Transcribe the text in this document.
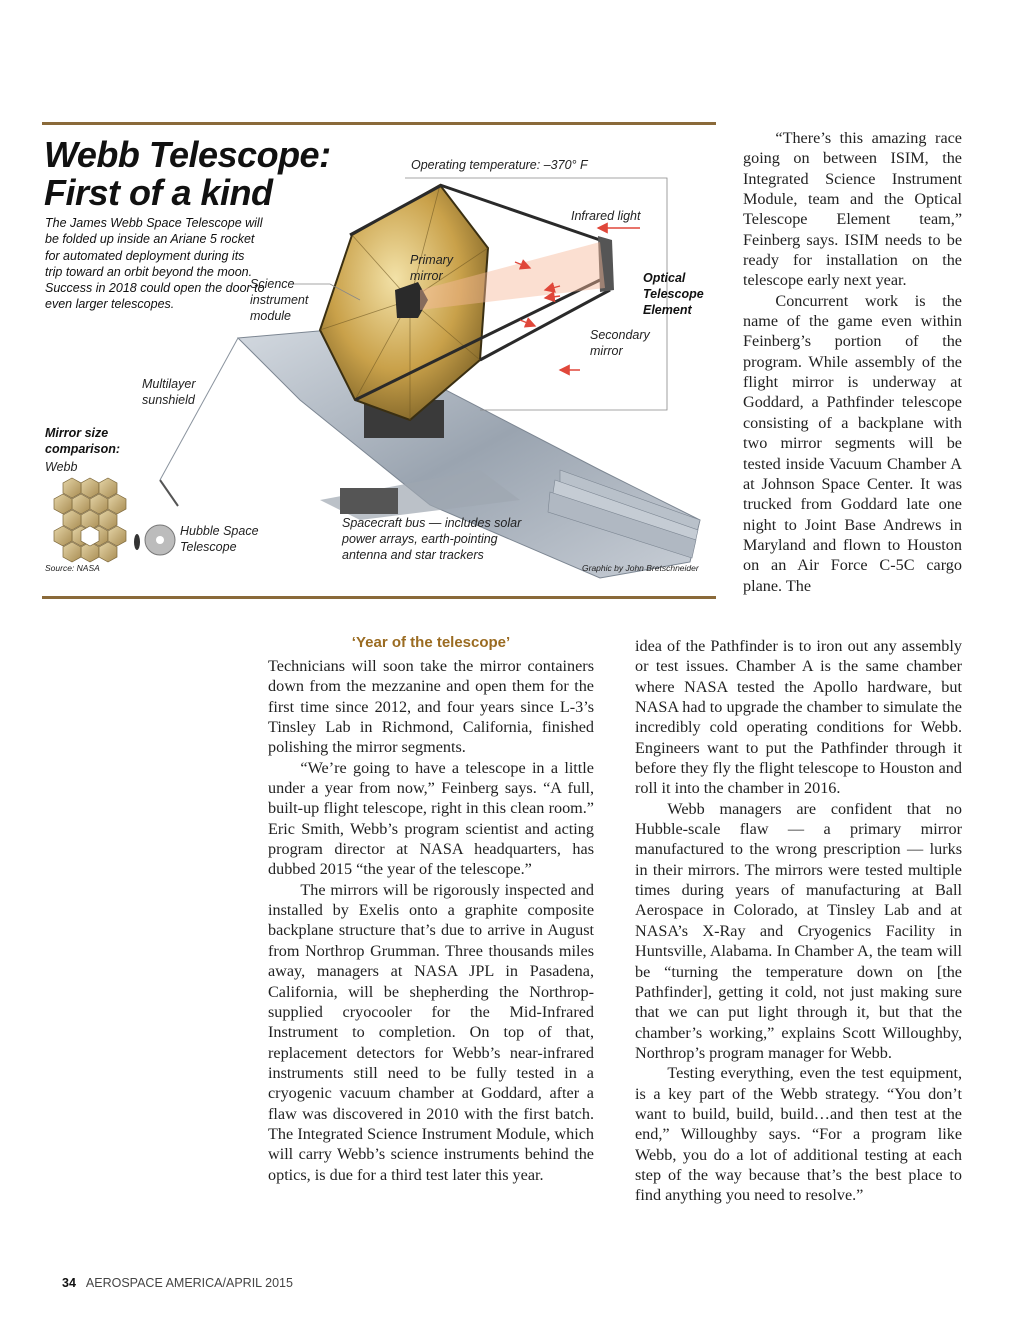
Webb Telescope:
First of a kind
The James Webb Space Telescope will be folded up inside an Ariane 5 rocket for automated deployment during its trip toward an orbit beyond the moon. Success in 2018 could open the door to even larger telescopes.
Operating temperature: –370° F
Infrared light
Primary mirror
Science instrument module
Optical Telescope Element
Secondary mirror
Multilayer sunshield
Mirror size comparison:
Webb
Hubble Space Telescope
Spacecraft bus — includes solar power arrays, earth-pointing antenna and star trackers
Source: NASA	Graphic by John Bretschneider

“There’s this amazing race going on between ISIM, the Integrated Science Instrument Module, team and the Optical Telescope Element team,” Feinberg says. ISIM needs to be ready for installation on the telescope early next year.

Concurrent work is the name of the game even within Feinberg’s portion of the program. While assembly of the flight mirror is underway at Goddard, a Pathfinder telescope consisting of a backplane with two mirror segments will be tested inside Vacuum Chamber A at Johnson Space Center. It was trucked from Goddard late one night to Joint Base Andrews in Maryland and flown to Houston on an Air Force C-5C cargo plane. The

‘Year of the telescope’

Technicians will soon take the mirror containers down from the mezzanine and open them for the first time since 2012, and four years since L-3’s Tinsley Lab in Richmond, California, finished polishing the mirror segments.

“We’re going to have a telescope in a little under a year from now,” Feinberg says. “A full, built-up flight telescope, right in this clean room.” Eric Smith, Webb’s program scientist and acting program director at NASA headquarters, has dubbed 2015 “the year of the telescope.”

The mirrors will be rigorously inspected and installed by Exelis onto a graphite composite backplane structure that’s due to arrive in August from Northrop Grumman. Three thousands miles away, managers at NASA JPL in Pasadena, California, will be shepherding the Northrop-supplied cryocooler for the Mid-Infrared Instrument to completion. On top of that, replacement detectors for Webb’s near-infrared instruments still need to be fully tested in a cryogenic vacuum chamber at Goddard, after a flaw was discovered in 2010 with the first batch. The Integrated Science Instrument Module, which will carry Webb’s science instruments behind the optics, is due for a third test later this year.

idea of the Pathfinder is to iron out any assembly or test issues. Chamber A is the same chamber where NASA tested the Apollo hardware, but NASA had to upgrade the chamber to simulate the incredibly cold operating conditions for Webb. Engineers want to put the Pathfinder through it before they fly the flight telescope to Houston and roll it into the chamber in 2016.

Webb managers are confident that no Hubble-scale flaw — a primary mirror manufactured to the wrong prescription — lurks in their mirrors. The mirrors were tested multiple times during years of manufacturing at Ball Aerospace in Colorado, at Tinsley Lab and at NASA’s X-Ray and Cryogenics Facility in Huntsville, Alabama. In Chamber A, the team will be “turning the temperature down on [the Pathfinder], getting it cold, not just making sure that we can put light through it, but that the chamber’s working,” explains Scott Willoughby, Northrop’s program manager for Webb.

Testing everything, even the test equipment, is a key part of the Webb strategy. “You don’t want to build, build, build…and then test at the end,” Willoughby says. “For a program like Webb, you do a lot of additional testing at each step of the way because that’s the best place to find anything you need to resolve.”

34 AEROSPACE AMERICA/APRIL 2015
